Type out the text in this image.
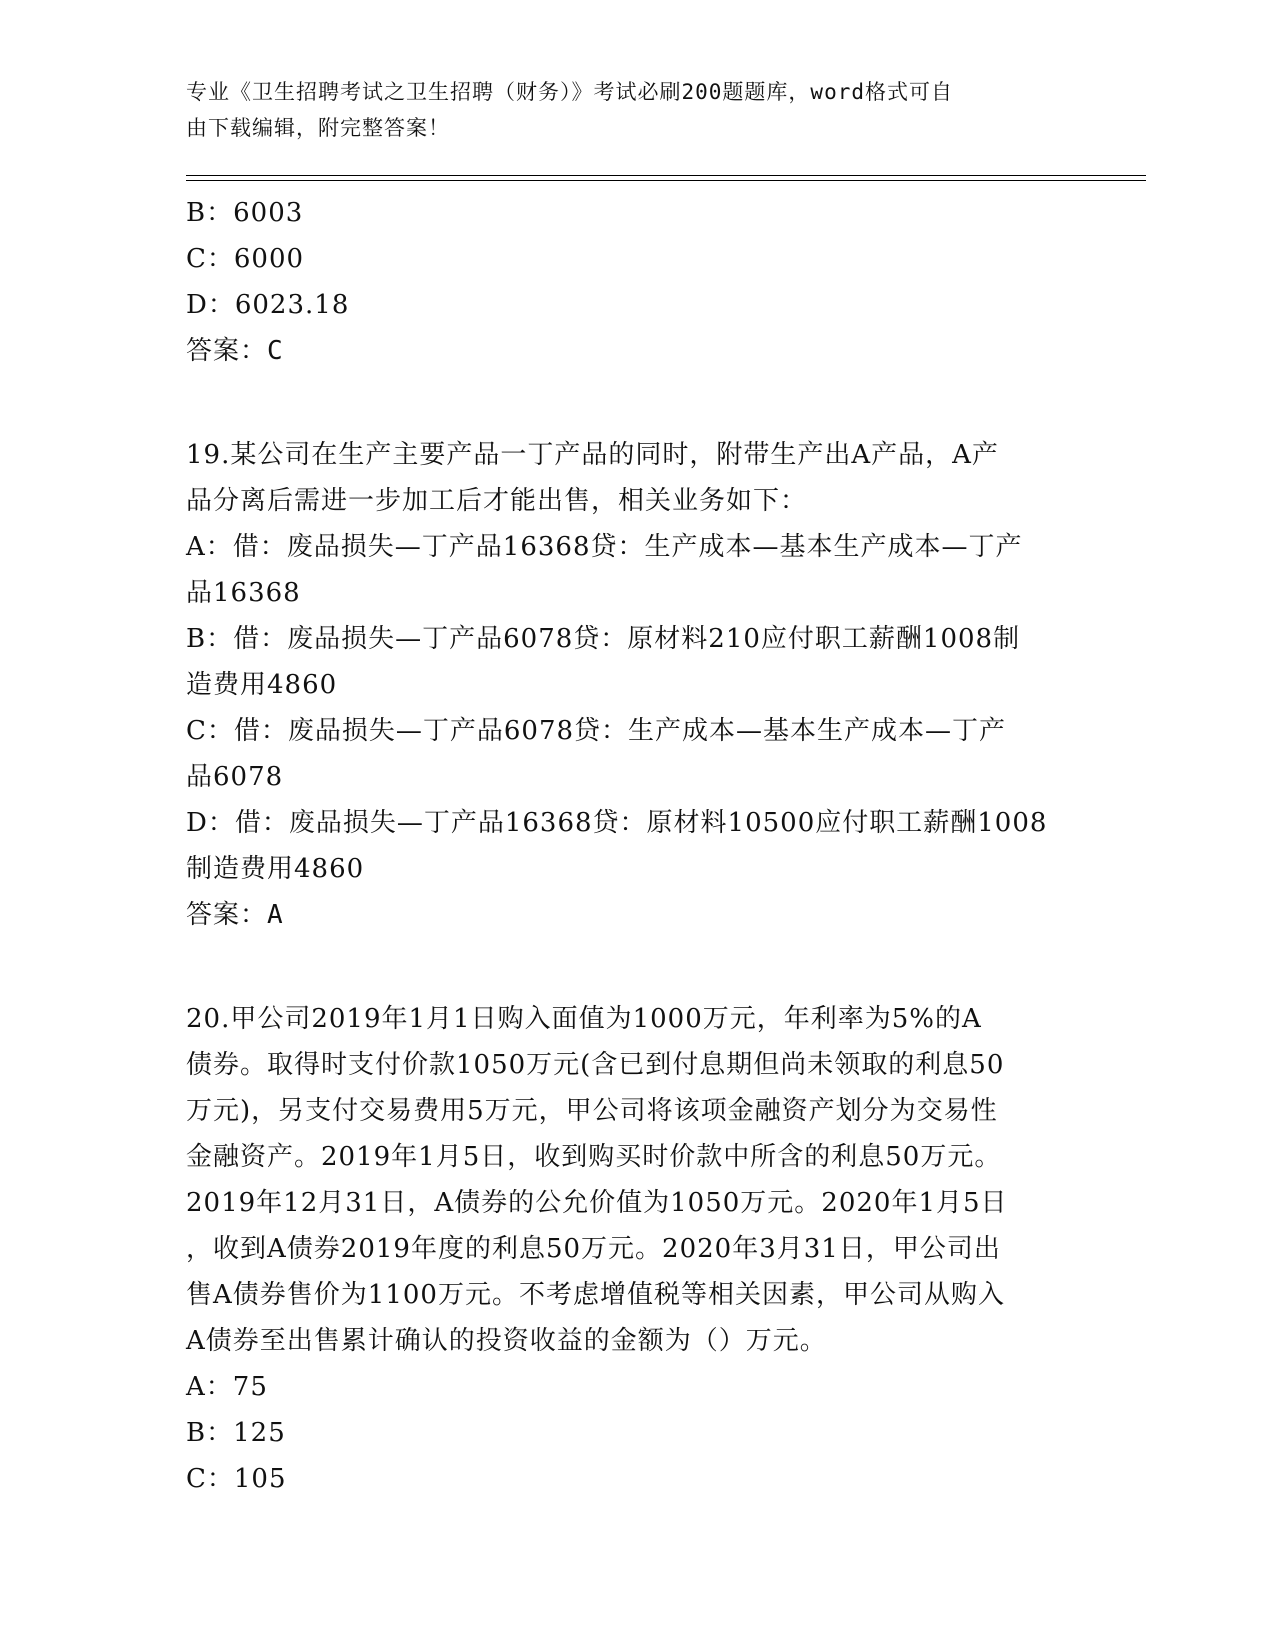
专业《卫生招聘考试之卫生招聘（财务）》考试必刷200题题库，word格式可自
由下载编辑，附完整答案！
B：6003
C：6000
D：6023.18
答案：C
19.某公司在生产主要产品一丁产品的同时，附带生产出A产品，A产
品分离后需进一步加工后才能出售，相关业务如下：
A：借：废品损失—丁产品16368贷：生产成本—基本生产成本—丁产
品16368
B：借：废品损失—丁产品6078贷：原材料210应付职工薪酬1008制
造费用4860
C：借：废品损失—丁产品6078贷：生产成本—基本生产成本—丁产
品6078
D：借：废品损失—丁产品16368贷：原材料10500应付职工薪酬1008
制造费用4860
答案：A
20.甲公司2019年1月1日购入面值为1000万元，年利率为5%的A
债券。取得时支付价款1050万元(含已到付息期但尚未领取的利息50
万元)，另支付交易费用5万元，甲公司将该项金融资产划分为交易性
金融资产。2019年1月5日，收到购买时价款中所含的利息50万元。
2019年12月31日，A债券的公允价值为1050万元。2020年1月5日
，收到A债券2019年度的利息50万元。2020年3月31日，甲公司出
售A债券售价为1100万元。不考虑增值税等相关因素，甲公司从购入
A债券至出售累计确认的投资收益的金额为（）万元。
A：75
B：125
C：105
